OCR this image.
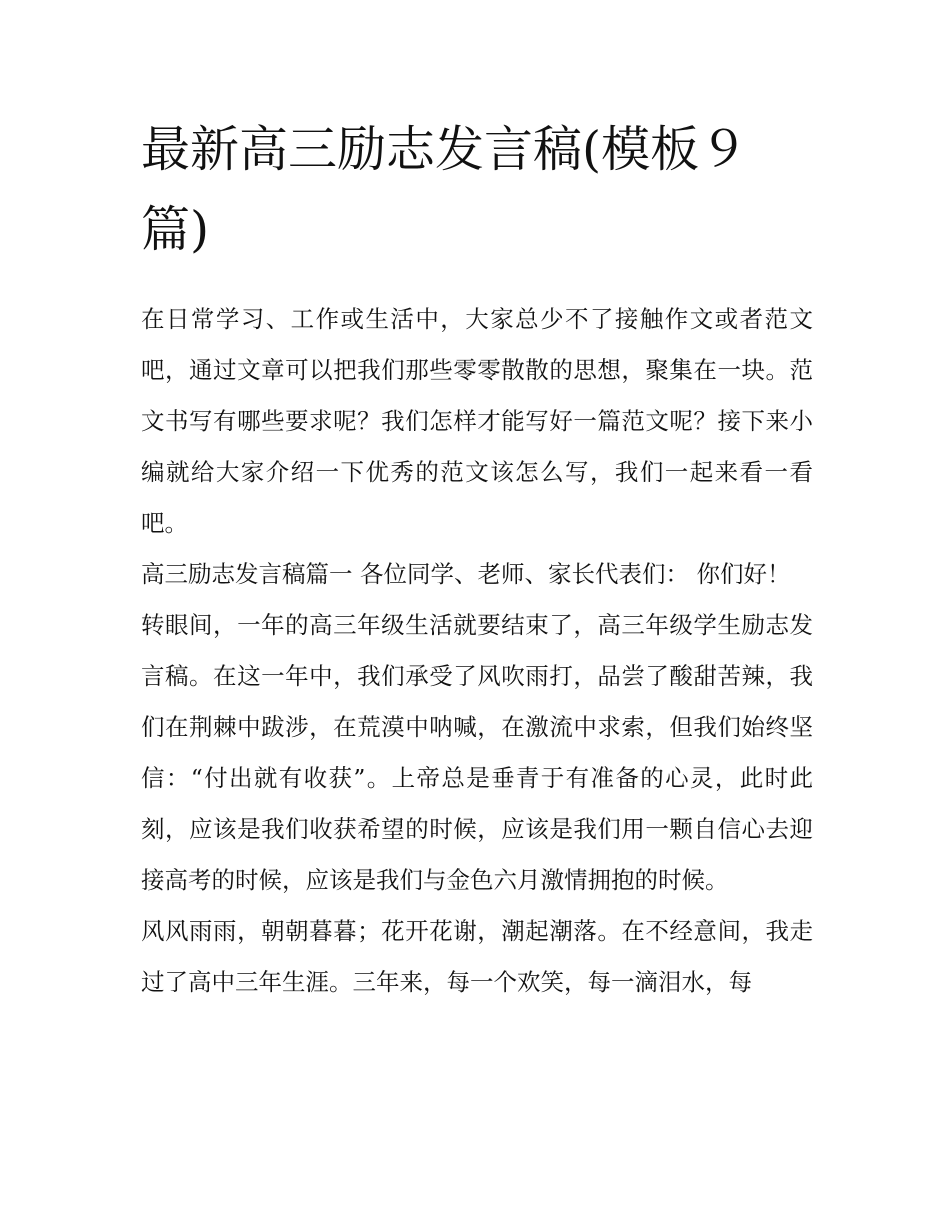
最新高三励志发言稿(模板９篇)

在日常学习、工作或生活中，大家总少不了接触作文或者范文吧，通过文章可以把我们那些零零散散的思想，聚集在一块。范文书写有哪些要求呢？我们怎样才能写好一篇范文呢？接下来小编就给大家介绍一下优秀的范文该怎么写，我们一起来看一看吧。

高三励志发言稿篇一 各位同学、老师、家长代表们： 你们好！

转眼间，一年的高三年级生活就要结束了，高三年级学生励志发言稿。在这一年中，我们承受了风吹雨打，品尝了酸甜苦辣，我们在荆棘中跋涉，在荒漠中呐喊，在激流中求索，但我们始终坚信：“付出就有收获”。上帝总是垂青于有准备的心灵，此时此刻，应该是我们收获希望的时候，应该是我们用一颗自信心去迎接高考的时候，应该是我们与金色六月激情拥抱的时候。

风风雨雨，朝朝暮暮；花开花谢，潮起潮落。在不经意间，我走过了高中三年生涯。三年来，每一个欢笑，每一滴泪水，每
